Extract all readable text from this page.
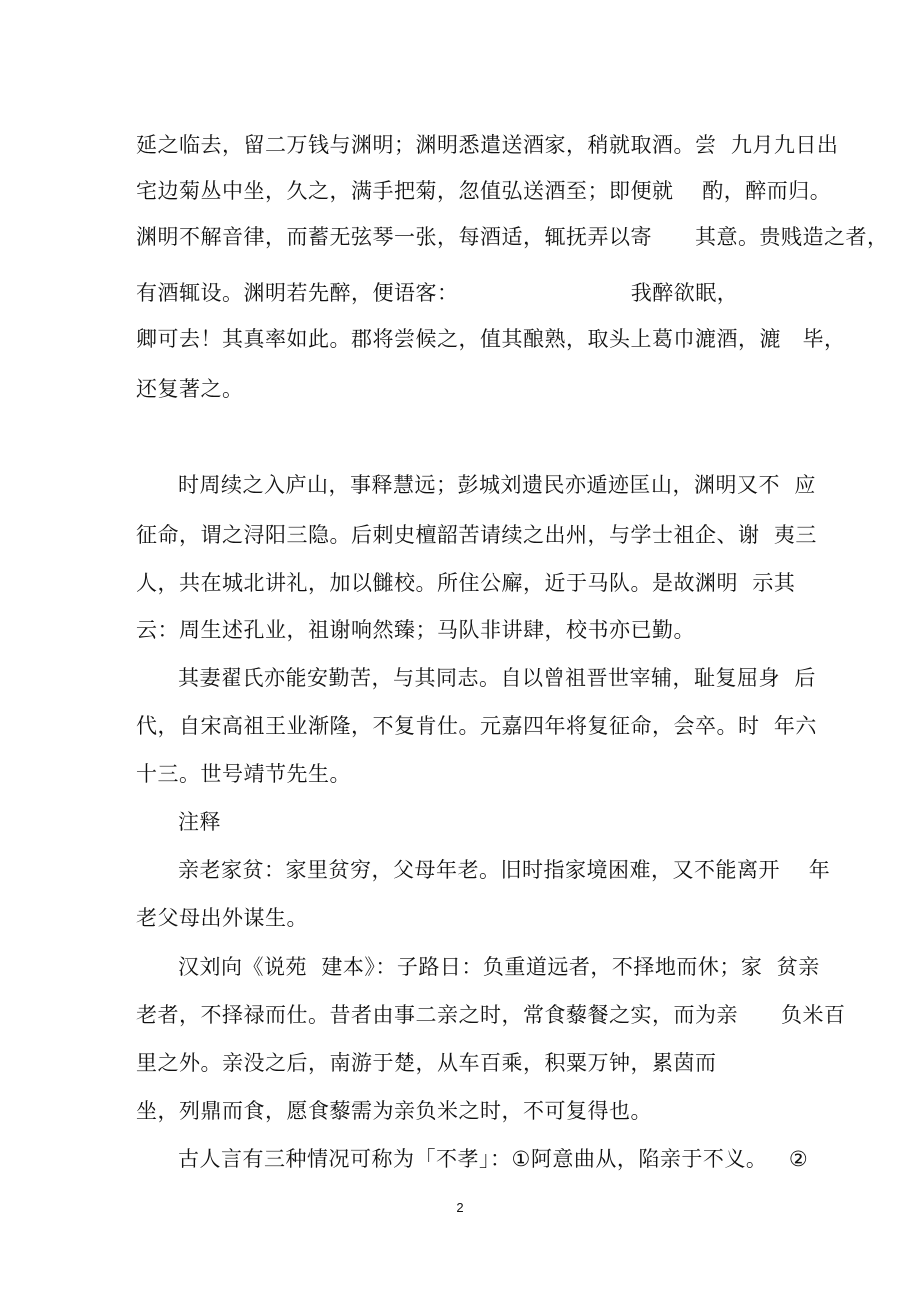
延之临去，留二万钱与渊明；渊明悉遣送酒家，稍就取酒。尝  九月九日出
宅边菊丛中坐，久之，满手把菊，忽值弘送酒至；即便就    酌，醉而归。
渊明不解音律，而蓄无弦琴一张，每酒适，辄抚弄以寄      其意。贵贱造之者，
有酒辄设。渊明若先醉，便语客：                        我醉欲眠，
卿可去！其真率如此。郡将尝候之，值其酿熟，取头上葛巾漉酒，漉   毕，
还复著之。
时周续之入庐山，事释慧远；彭城刘遗民亦遁迹匡山，渊明又不  应
征命，谓之浔阳三隐。后刺史檀韶苦请续之出州，与学士祖企、谢  夷三
人，共在城北讲礼，加以雠校。所住公廨，近于马队。是故渊明  示其
云：周生述孔业，祖谢响然臻；马队非讲肆，校书亦已勤。
其妻翟氏亦能安勤苦，与其同志。自以曾祖晋世宰辅，耻复屈身  后
代，自宋高祖王业渐隆，不复肯仕。元嘉四年将复征命，会卒。时  年六
十三。世号靖节先生。
注释
亲老家贫：家里贫穷，父母年老。旧时指家境困难，又不能离开    年
老父母出外谋生。
汉刘向《说苑  建本》：子路日：负重道远者，不择地而休；家  贫亲
老者，不择禄而仕。昔者由事二亲之时，常食藜餐之实，而为亲      负米百
里之外。亲没之后，南游于楚，从车百乘，积粟万钟，累茵而
坐，列鼎而食，愿食藜需为亲负米之时，不可复得也。
古人言有三种情况可称为「不孝」：①阿意曲从，陷亲于不义。   ②
2
